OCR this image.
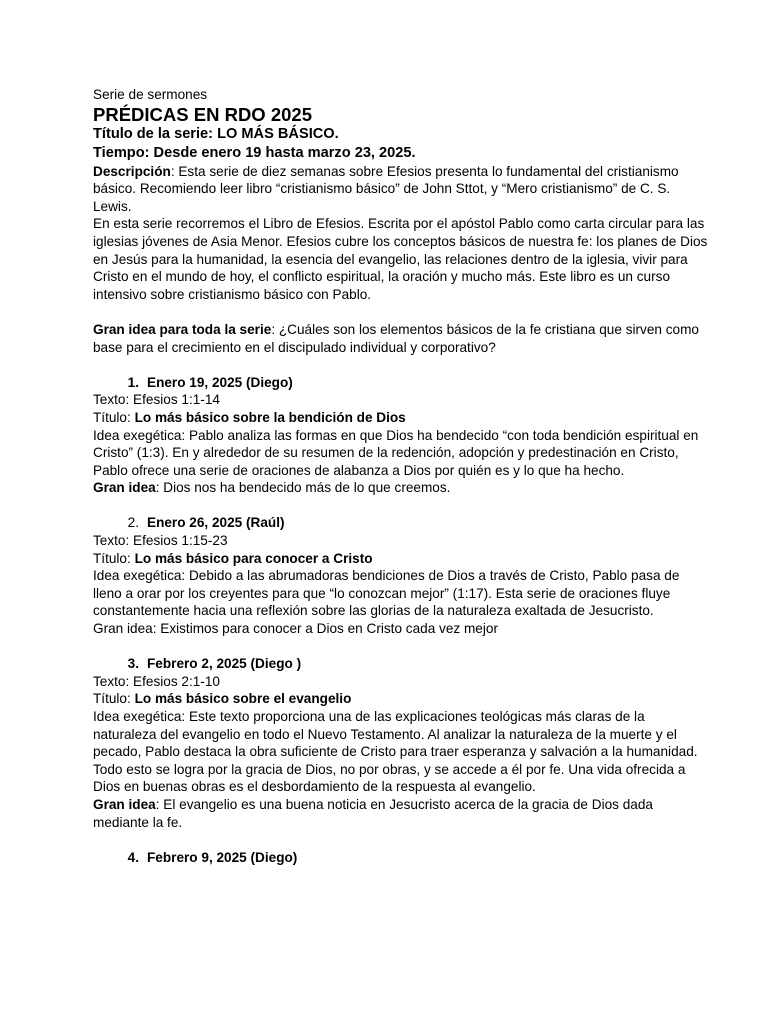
Serie de sermones

PRÉDICAS EN RDO 2025

Título de la serie: LO MÁS BÁSICO.

Tiempo: Desde enero 19 hasta marzo 23, 2025.

Descripción: Esta serie de diez semanas sobre Efesios presenta lo fundamental del cristianismo básico. Recomiendo leer libro “cristianismo básico” de John Sttot, y “Mero cristianismo” de C. S. Lewis.

En esta serie recorremos el Libro de Efesios. Escrita por el apóstol Pablo como carta circular para las iglesias jóvenes de Asia Menor. Efesios cubre los conceptos básicos de nuestra fe: los planes de Dios en Jesús para la humanidad, la esencia del evangelio, las relaciones dentro de la iglesia, vivir para Cristo en el mundo de hoy, el conflicto espiritual, la oración y mucho más. Este libro es un curso intensivo sobre cristianismo básico con Pablo.

Gran idea para toda la serie: ¿Cuáles son los elementos básicos de la fe cristiana que sirven como base para el crecimiento en el discipulado individual y corporativo?

1. Enero 19, 2025 (Diego)

Texto: Efesios 1:1-14

Título: Lo más básico sobre la bendición de Dios

Idea exegética: Pablo analiza las formas en que Dios ha bendecido “con toda bendición espiritual en Cristo” (1:3). En y alrededor de su resumen de la redención, adopción y predestinación en Cristo, Pablo ofrece una serie de oraciones de alabanza a Dios por quién es y lo que ha hecho.

Gran idea: Dios nos ha bendecido más de lo que creemos.

2. Enero 26, 2025 (Raúl)

Texto: Efesios 1:15-23

Título: Lo más básico para conocer a Cristo

Idea exegética: Debido a las abrumadoras bendiciones de Dios a través de Cristo, Pablo pasa de lleno a orar por los creyentes para que “lo conozcan mejor” (1:17). Esta serie de oraciones fluye constantemente hacia una reflexión sobre las glorias de la naturaleza exaltada de Jesucristo.

Gran idea: Existimos para conocer a Dios en Cristo cada vez mejor

3. Febrero 2, 2025 (Diego )

Texto: Efesios 2:1-10

Título: Lo más básico sobre el evangelio

Idea exegética: Este texto proporciona una de las explicaciones teológicas más claras de la naturaleza del evangelio en todo el Nuevo Testamento. Al analizar la naturaleza de la muerte y el pecado, Pablo destaca la obra suficiente de Cristo para traer esperanza y salvación a la humanidad. Todo esto se logra por la gracia de Dios, no por obras, y se accede a él por fe. Una vida ofrecida a Dios en buenas obras es el desbordamiento de la respuesta al evangelio.

Gran idea: El evangelio es una buena noticia en Jesucristo acerca de la gracia de Dios dada mediante la fe.

4. Febrero 9, 2025 (Diego)
